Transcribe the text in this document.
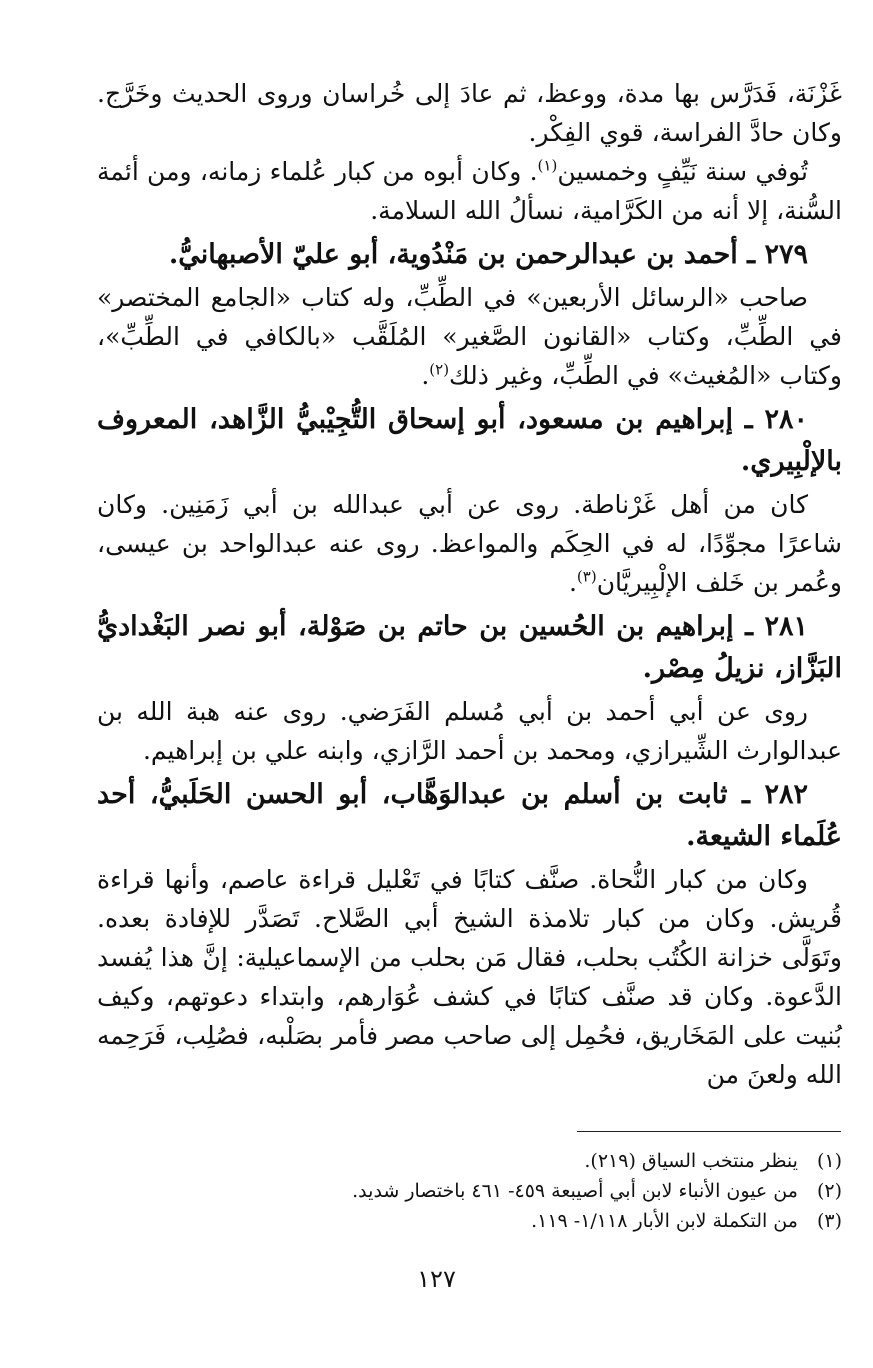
غَزْنَة، فَدَرَّس بها مدة، ووعظ، ثم عادَ إلى خُراسان وروى الحديث وخَرَّج. وكان حادَّ الفراسة، قوي الفِكْر.

تُوفي سنة نَيِّفٍ وخمسين$^{(١)}$. وكان أبوه من كبار عُلماء زمانه، ومن أئمة السُّنة، إلا أنه من الكَرَّامية، نسألُ الله السلامة.

٢٧٩ ـ أحمد بن عبدالرحمن بن مَنْدُوية، أبو عليّ الأصبهانيُّ.

صاحب «الرسائل الأربعين» في الطِّبِّ، وله كتاب «الجامع المختصر» في الطِّبِّ، وكتاب «القانون الصَّغير» المُلَقَّب «بالكافي في الطِّبِّ»، وكتاب «المُغيث» في الطِّبِّ، وغير ذلك$^{(٢)}$.

٢٨٠ ـ إبراهيم بن مسعود، أبو إسحاق التُّجِيْبيُّ الزَّاهد، المعروف بالإلْبِيري.

كان من أهل غَرْناطة. روى عن أبي عبدالله بن أبي زَمَنِين. وكان شاعرًا مجوِّدًا، له في الحِكَم والمواعظ. روى عنه عبدالواحد بن عيسى، وعُمر بن خَلف الإلْبِيريَّان$^{(٣)}$.

٢٨١ ـ إبراهيم بن الحُسين بن حاتم بن صَوْلة، أبو نصر البَغْداديُّ البَزَّاز، نزيلُ مِصْر.

روى عن أبي أحمد بن أبي مُسلم الفَرَضي. روى عنه هبة الله بن عبدالوارث الشِّيرازي، ومحمد بن أحمد الرَّازي، وابنه علي بن إبراهيم.

٢٨٢ ـ ثابت بن أسلم بن عبدالوَهَّاب، أبو الحسن الحَلَبيُّ، أحد عُلَماء الشيعة.

وكان من كبار النُّحاة. صنَّف كتابًا في تَعْليل قراءة عاصم، وأنها قراءة قُريش. وكان من كبار تلامذة الشيخ أبي الصَّلاح. تَصَدَّر للإفادة بعده. وتَوَلَّى خزانة الكُتُب بحلب، فقال مَن بحلب من الإسماعيلية: إنَّ هذا يُفسد الدَّعوة. وكان قد صنَّف كتابًا في كشف عُوَارهم، وابتداء دعوتهم، وكيف بُنيت على المَخَاريق، فحُمِل إلى صاحب مصر فأمر بصَلْبه، فصُلِب، فَرَحِمه الله ولعنَ من

(١) ينظر منتخب السياق (٢١٩).

(٢) من عيون الأنباء لابن أبي أصيبعة ٤٥٩- ٤٦١ باختصار شديد.

(٣) من التكملة لابن الأبار ١/١١٨- ١١٩.

١٢٧
